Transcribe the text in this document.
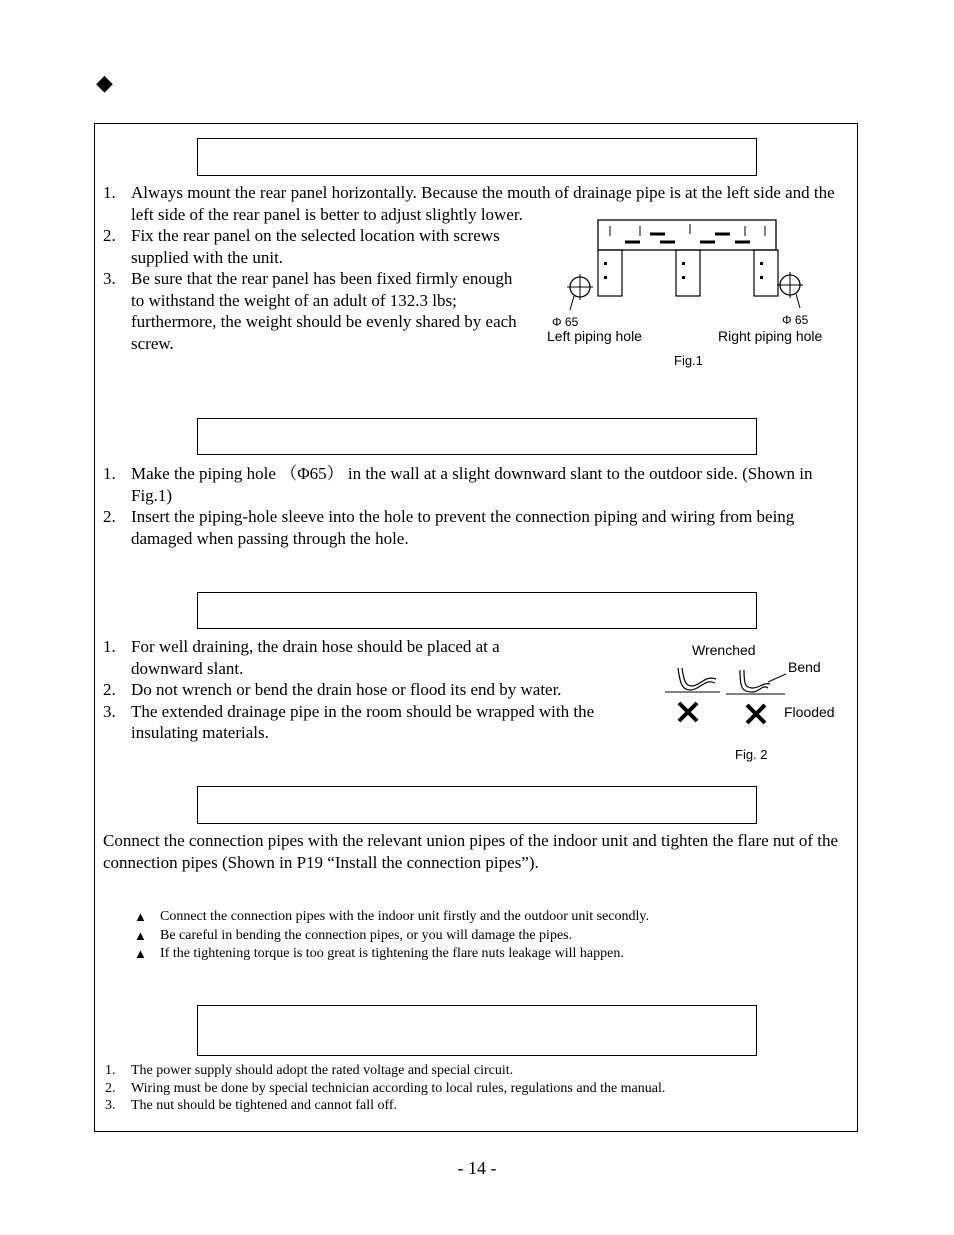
◆
1. Always mount the rear panel horizontally. Because the mouth of drainage pipe is at the left side and the left side of the rear panel is better to adjust slightly lower.
2. Fix the rear panel on the selected location with screws supplied with the unit.
3. Be sure that the rear panel has been fixed firmly enough to withstand the weight of an adult of 132.3 lbs; furthermore, the weight should be evenly shared by each screw.
Φ 65	Φ 65
Left piping hole	Right piping hole
Fig.1
1. Make the piping hole （Φ65） in the wall at a slight downward slant to the outdoor side. (Shown in Fig.1)
2. Insert the piping-hole sleeve into the hole to prevent the connection piping and wiring from being damaged when passing through the hole.
1. For well draining, the drain hose should be placed at a downward slant.
2. Do not wrench or bend the drain hose or flood its end by water.
3. The extended drainage pipe in the room should be wrapped with the insulating materials.
Wrenched
Bend
Flooded
Fig. 2

Connect the connection pipes with the relevant union pipes of the indoor unit and tighten the flare nut of the connection pipes (Shown in P19 “Install the connection pipes”).

▲ Connect the connection pipes with the indoor unit firstly and the outdoor unit secondly.
▲ Be careful in bending the connection pipes, or you will damage the pipes.
▲ If the tightening torque is too great is tightening the flare nuts leakage will happen.
1. The power supply should adopt the rated voltage and special circuit.
2. Wiring must be done by special technician according to local rules, regulations and the manual.
3. The nut should be tightened and cannot fall off.
- 14 -
